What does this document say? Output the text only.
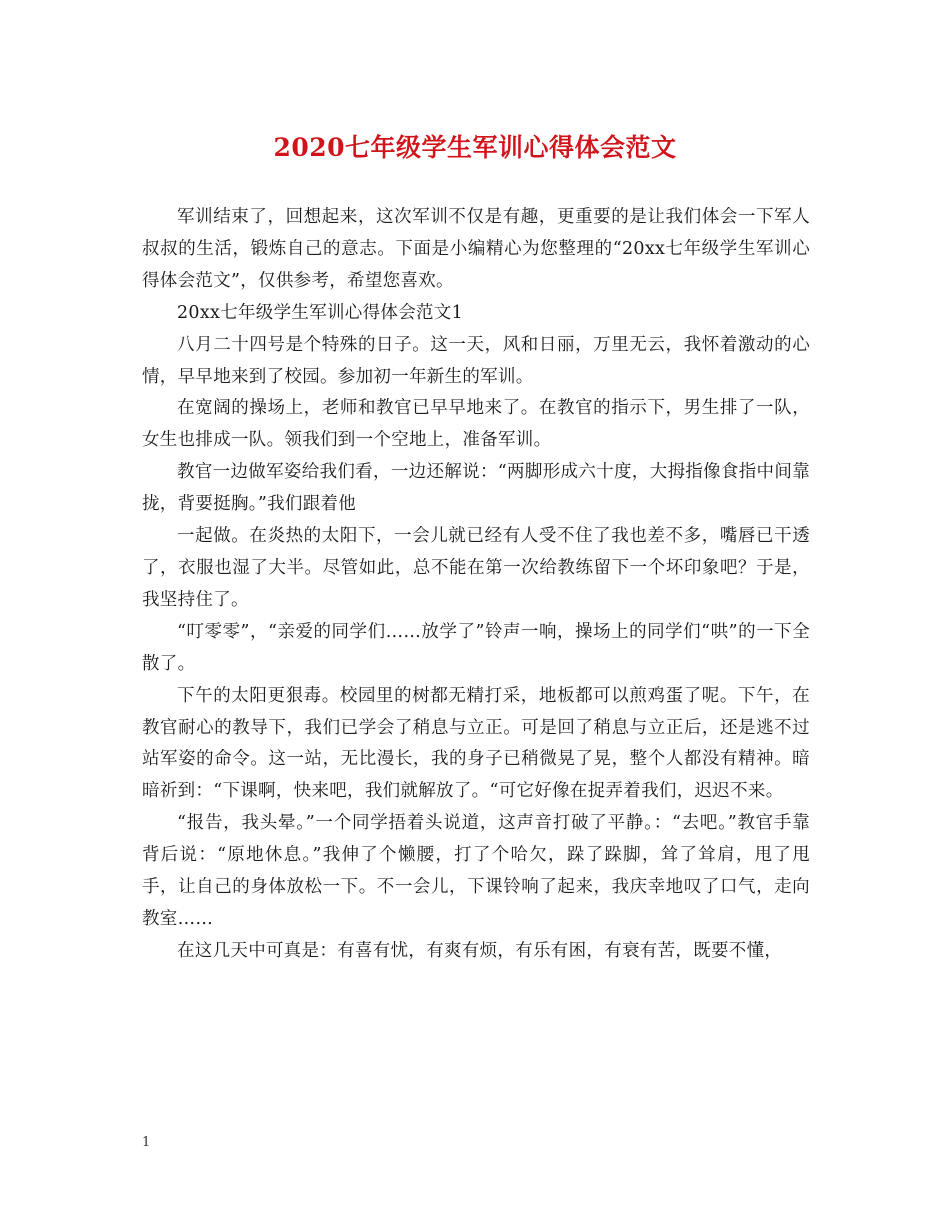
2020七年级学生军训心得体会范文

军训结束了，回想起来，这次军训不仅是有趣，更重要的是让我们体会一下军人叔叔的生活，锻炼自己的意志。下面是小编精心为您整理的“20xx七年级学生军训心得体会范文”，仅供参考，希望您喜欢。

20xx七年级学生军训心得体会范文1

八月二十四号是个特殊的日子。这一天，风和日丽，万里无云，我怀着激动的心情，早早地来到了校园。参加初一年新生的军训。

在宽阔的操场上，老师和教官已早早地来了。在教官的指示下，男生排了一队，女生也排成一队。领我们到一个空地上，准备军训。

教官一边做军姿给我们看，一边还解说：“两脚形成六十度，大拇指像食指中间靠拢，背要挺胸。”我们跟着他

一起做。在炎热的太阳下，一会儿就已经有人受不住了我也差不多，嘴唇已干透了，衣服也湿了大半。尽管如此，总不能在第一次给教练留下一个坏印象吧？于是，我坚持住了。

“叮零零”，“亲爱的同学们……放学了”铃声一响，操场上的同学们“哄”的一下全散了。

下午的太阳更狠毒。校园里的树都无精打采，地板都可以煎鸡蛋了呢。下午，在教官耐心的教导下，我们已学会了稍息与立正。可是回了稍息与立正后，还是逃不过站军姿的命令。这一站，无比漫长，我的身子已稍微晃了晃，整个人都没有精神。暗暗祈到：“下课啊，快来吧，我们就解放了。“可它好像在捉弄着我们，迟迟不来。

“报告，我头晕。”一个同学捂着头说道，这声音打破了平静。：“去吧。”教官手靠背后说：“原地休息。”我伸了个懒腰，打了个哈欠，跺了跺脚，耸了耸肩，甩了甩手，让自己的身体放松一下。不一会儿，下课铃响了起来，我庆幸地叹了口气，走向教室……

在这几天中可真是：有喜有忧，有爽有烦，有乐有困，有衰有苦，既要不懂，

1
